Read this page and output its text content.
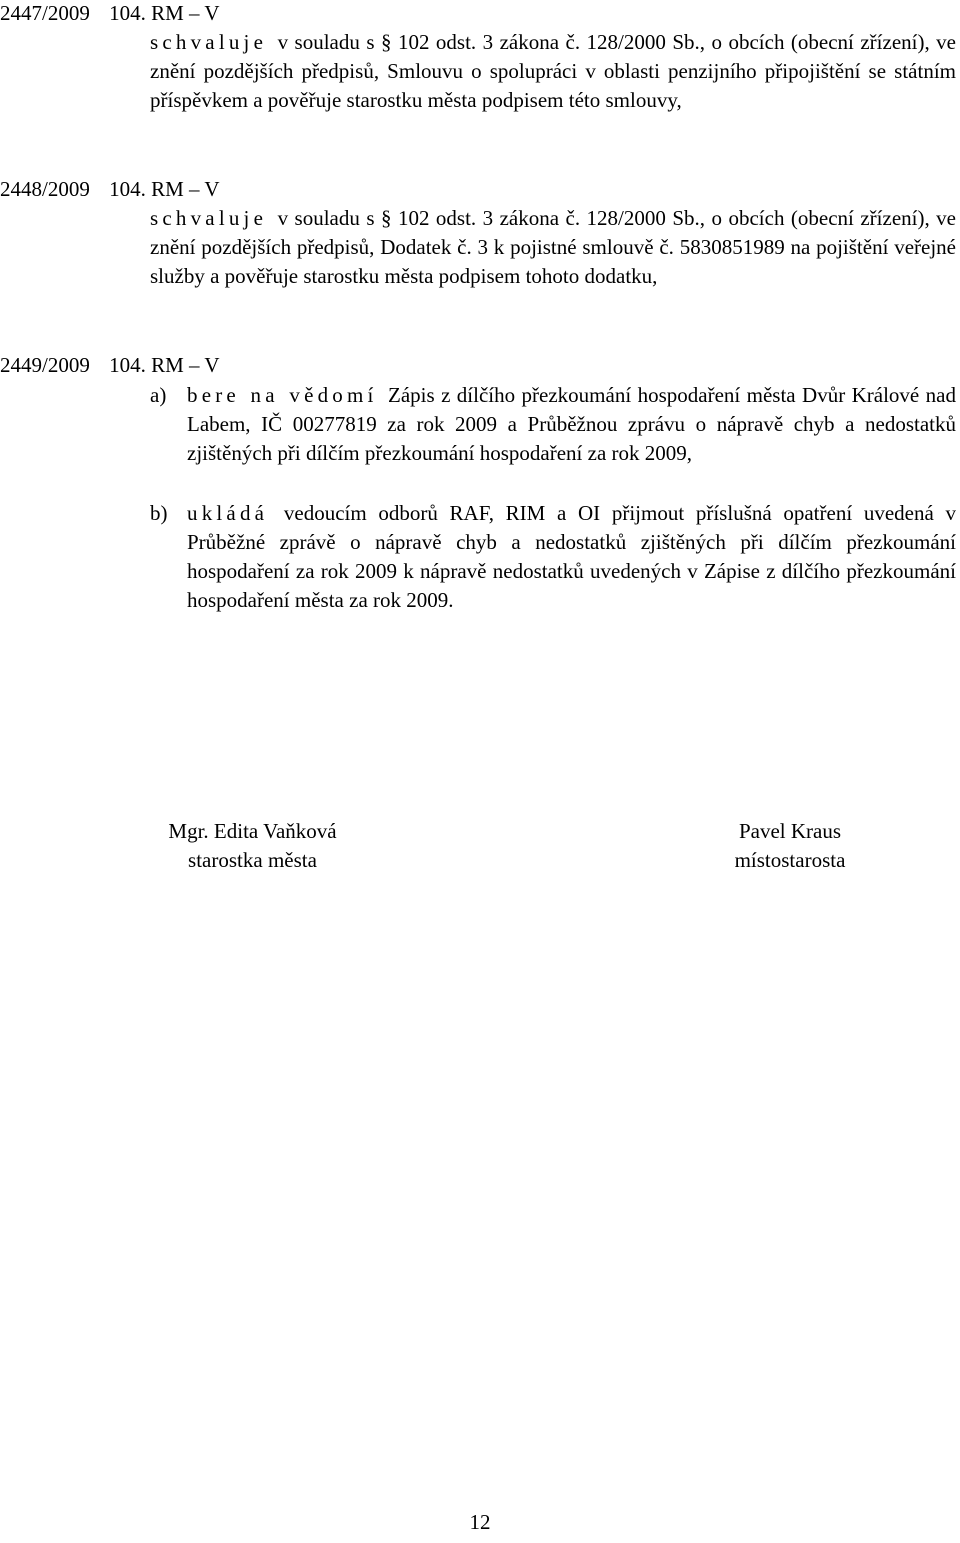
2447/2009 104. RM – V
schvaluje v souladu s § 102 odst. 3 zákona č. 128/2000 Sb., o obcích (obecní zřízení), ve znění pozdějších předpisů, Smlouvu o spolupráci v oblasti penzijního připojištění se státním příspěvkem a pověřuje starostku města podpisem této smlouvy,
2448/2009 104. RM – V
schvaluje v souladu s § 102 odst. 3 zákona č. 128/2000 Sb., o obcích (obecní zřízení), ve znění pozdějších předpisů, Dodatek č. 3 k pojistné smlouvě č. 5830851989 na pojištění veřejné služby a pověřuje starostku města podpisem tohoto dodatku,
2449/2009 104. RM – V
a) bere na vědomí Zápis z dílčího přezkoumání hospodaření města Dvůr Králové nad Labem, IČ 00277819 za rok 2009 a Průběžnou zprávu o nápravě chyb a nedostatků zjištěných při dílčím přezkoumání hospodaření za rok 2009,
b) ukládá vedoucím odborů RAF, RIM a OI přijmout příslušná opatření uvedená v Průběžné zprávě o nápravě chyb a nedostatků zjištěných při dílčím přezkoumání hospodaření za rok 2009 k nápravě nedostatků uvedených v Zápise z dílčího přezkoumání hospodaření města za rok 2009.
Mgr. Edita Vaňková
starostka města
Pavel Kraus
místostarosta
12
